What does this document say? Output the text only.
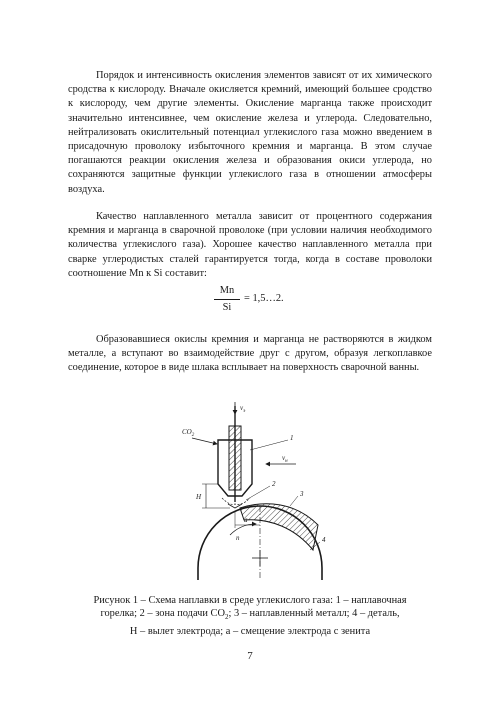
Порядок и интенсивность окисления элементов зависят от их химического сродства к кислороду. Вначале окисляется кремний, имеющий большее сродство к кислороду, чем другие элементы. Окисление марганца также происходит значительно интенсивнее, чем окисление железа и углерода. Следовательно, нейтрализовать окислительный потенциал углекислого газа можно введением в присадочную проволоку избыточного кремния и марганца. В этом случае погашаются реакции окисления железа и образования окиси углерода, но сохраняются защитные функции углекислого газа в отношении атмосферы воздуха.

Качество наплавленного металла зависит от процентного содержания кремния и марганца в сварочной проволоке (при условии наличия необходимого количества углекислого газа). Хорошее качество наплавленного металла при сварке углеродистых сталей гарантируется тогда, когда в составе проволоки соотношение Mn к Si составит:

Mn
Si
= 1,5…2.

Образовавшиеся окислы кремния и марганца не растворяются в жидком металле, а вступают во взаимодействие друг с другом, образуя легкоплавкое соединение, которое в виде шлака всплывает на поверхность сварочной ванны.

n
$CO_2$
$v_э$
$v_н$
H
a
1
2
3
4
Рисунок 1 – Схема наплавки в среде углекислого газа: 1 – наплавочная
горелка; 2 – зона подачи $CO_2$; 3 – наплавленный металл; 4 – деталь,
H – вылет электрода; а – смещение электрода с зенита
7
